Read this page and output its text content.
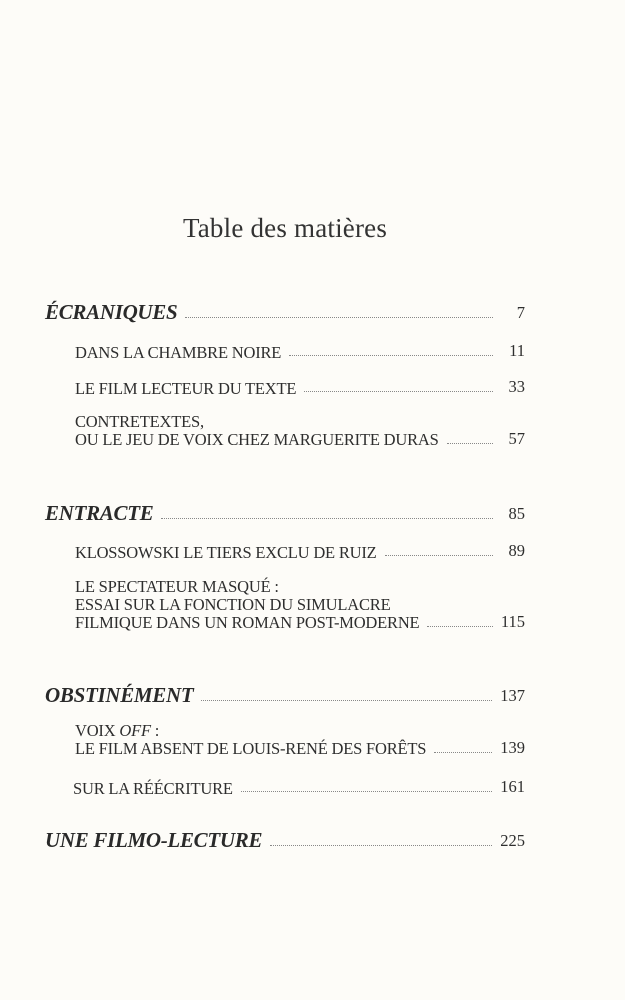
Table des matières
ÉCRANIQUES	7
DANS LA CHAMBRE NOIRE	11
LE FILM LECTEUR DU TEXTE	33
CONTRETEXTES,
OU LE JEU DE VOIX CHEZ MARGUERITE DURAS	57
ENTRACTE	85
KLOSSOWSKI LE TIERS EXCLU DE RUIZ	89
LE SPECTATEUR MASQUÉ :
ESSAI SUR LA FONCTION DU SIMULACRE
FILMIQUE DANS UN ROMAN POST-MODERNE	115
OBSTINÉMENT	137
VOIX OFF :
LE FILM ABSENT DE LOUIS-RENÉ DES FORÊTS	139
SUR LA RÉÉCRITURE	161
UNE FILMO-LECTURE	225
